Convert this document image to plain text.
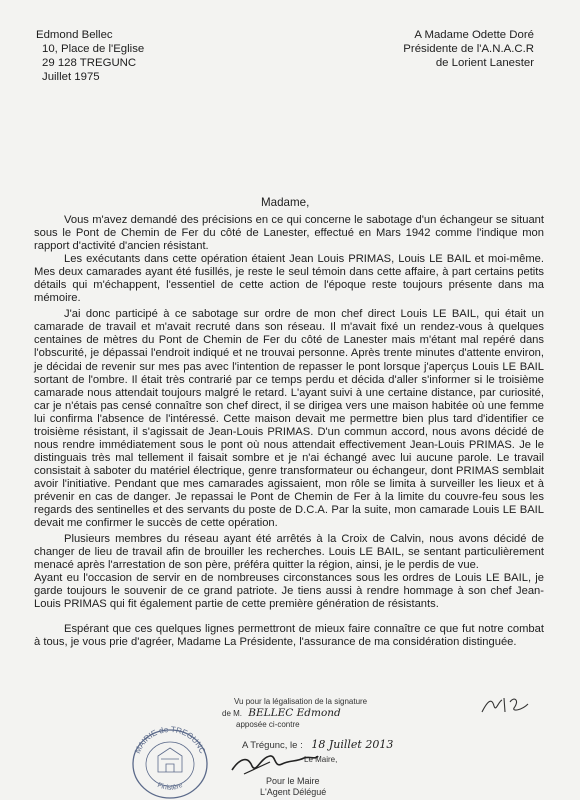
Edmond Bellec
10, Place de l'Eglise
29 128 TREGUNC
Juillet 1975
A Madame Odette Doré
Présidente de l'A.N.A.C.R
de Lorient Lanester
Madame,

Vous m'avez demandé des précisions en ce qui concerne le sabotage d'un échangeur se situant sous le Pont de Chemin de Fer du côté de Lanester, effectué en Mars 1942 comme l'indique mon rapport d'activité d'ancien résistant.

Les exécutants dans cette opération étaient Jean Louis PRIMAS, Louis LE BAIL et moi-même. Mes deux camarades ayant été fusillés, je reste le seul témoin dans cette affaire, à part certains petits détails qui m'échappent, l'essentiel de cette action de l'époque reste toujours présente dans ma mémoire.

J'ai donc participé à ce sabotage sur ordre de mon chef direct Louis LE BAIL, qui était un camarade de travail et m'avait recruté dans son réseau. Il m'avait fixé un rendez-vous à quelques centaines de mètres du Pont de Chemin de Fer du côté de Lanester mais m'étant mal repéré dans l'obscurité, je dépassai l'endroit indiqué et ne trouvai personne. Après trente minutes d'attente environ, je décidai de revenir sur mes pas avec l'intention de repasser le pont lorsque j'aperçus Louis LE BAIL sortant de l'ombre. Il était très contrarié par ce temps perdu et décida d'aller s'informer si le troisième camarade nous attendait toujours malgré le retard. L'ayant suivi à une certaine distance, par curiosité, car je n'étais pas censé connaître son chef direct, il se dirigea vers une maison habitée où une femme lui confirma l'absence de l'intéressé. Cette maison devait me permettre bien plus tard d'identifier ce troisième résistant, il s'agissait de Jean-Louis PRIMAS. D'un commun accord, nous avons décidé de nous rendre immédiatement sous le pont où nous attendait effectivement Jean-Louis PRIMAS. Je le distinguais très mal tellement il faisait sombre et je n'ai échangé avec lui aucune parole. Le travail consistait à saboter du matériel électrique, genre transformateur ou échangeur, dont PRIMAS semblait avoir l'initiative. Pendant que mes camarades agissaient, mon rôle se limita à surveiller les lieux et à prévenir en cas de danger. Je repassai le Pont de Chemin de Fer à la limite du couvre-feu sous les regards des sentinelles et des servants du poste de D.C.A. Par la suite, mon camarade Louis LE BAIL devait me confirmer le succès de cette opération.

Plusieurs membres du réseau ayant été arrêtés à la Croix de Calvin, nous avons décidé de changer de lieu de travail afin de brouiller les recherches. Louis LE BAIL, se sentant particulièrement menacé après l'arrestation de son père, préféra quitter la région, ainsi, je le perdis de vue.

Ayant eu l'occasion de servir en de nombreuses circonstances sous les ordres de Louis LE BAIL, je garde toujours le souvenir de ce grand patriote. Je tiens aussi à rendre hommage à son chef Jean-Louis PRIMAS qui fit également partie de cette première génération de résistants.

Espérant que ces quelques lignes permettront de mieux faire connaître ce que fut notre combat à tous, je vous prie d'agréer, Madame La Présidente, l'assurance de ma considération distinguée.

Vu pour la légalisation de la signature
de M. BELLEC Edmond
apposée ci-contre
A Trégunc, le : 18 Juillet 2013
Le Maire,
Pour le Maire
L'Agent Délégué
MAIRIE de TREGUNC
Finistère
